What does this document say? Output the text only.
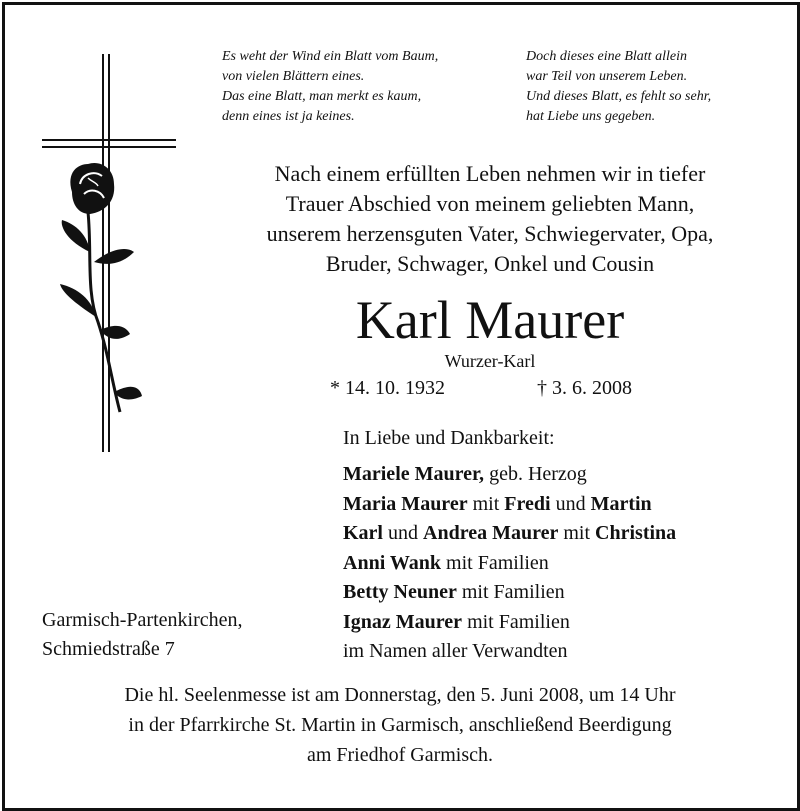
Es weht der Wind ein Blatt vom Baum,
von vielen Blättern eines.
Das eine Blatt, man merkt es kaum,
denn eines ist ja keines.
Doch dieses eine Blatt allein
war Teil von unserem Leben.
Und dieses Blatt, es fehlt so sehr,
hat Liebe uns gegeben.
Nach einem erfüllten Leben nehmen wir in tiefer
Trauer Abschied von meinem geliebten Mann,
unserem herzensguten Vater, Schwiegervater, Opa,
Bruder, Schwager, Onkel und Cousin
Karl Maurer
Wurzer-Karl
* 14. 10. 1932	† 3. 6. 2008
In Liebe und Dankbarkeit:
Mariele Maurer, geb. Herzog
Maria Maurer mit Fredi und Martin
Karl und Andrea Maurer mit Christina
Anni Wank mit Familien
Betty Neuner mit Familien
Ignaz Maurer mit Familien
im Namen aller Verwandten
Garmisch-Partenkirchen,
Schmiedstraße 7
Die hl. Seelenmesse ist am Donnerstag, den 5. Juni 2008, um 14 Uhr
in der Pfarrkirche St. Martin in Garmisch, anschließend Beerdigung
am Friedhof Garmisch.
